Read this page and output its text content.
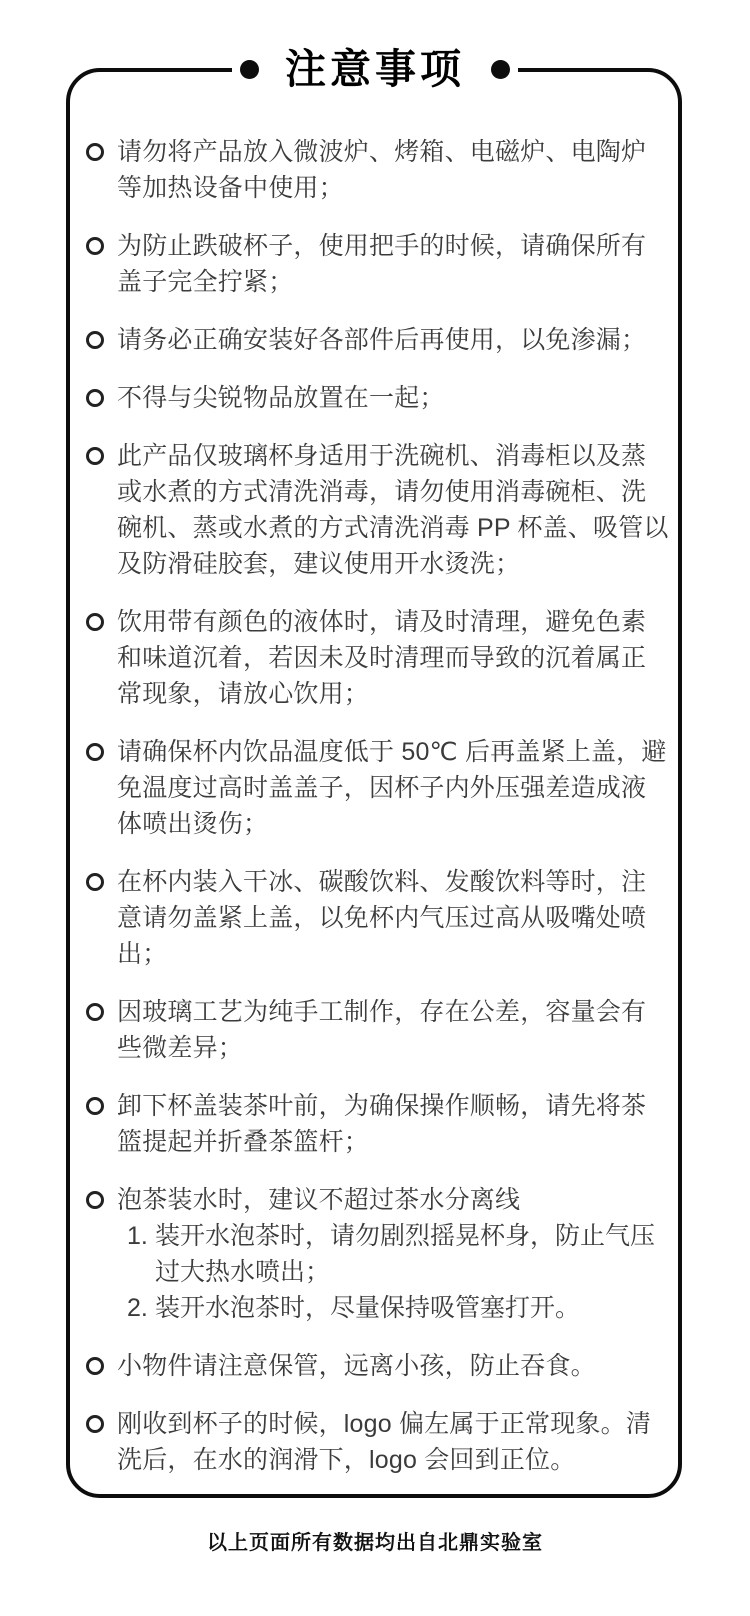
注意事项
请勿将产品放入微波炉、烤箱、电磁炉、电陶炉等加热设备中使用；
为防止跌破杯子，使用把手的时候，请确保所有盖子完全拧紧；
请务必正确安装好各部件后再使用，以免渗漏；
不得与尖锐物品放置在一起；
此产品仅玻璃杯身适用于洗碗机、消毒柜以及蒸或水煮的方式清洗消毒，请勿使用消毒碗柜、洗碗机、蒸或水煮的方式清洗消毒 PP 杯盖、吸管以及防滑硅胶套，建议使用开水烫洗；
饮用带有颜色的液体时，请及时清理，避免色素和味道沉着，若因未及时清理而导致的沉着属正常现象，请放心饮用；
请确保杯内饮品温度低于 50℃ 后再盖紧上盖，避免温度过高时盖盖子，因杯子内外压强差造成液体喷出烫伤；
在杯内装入干冰、碳酸饮料、发酸饮料等时，注意请勿盖紧上盖，以免杯内气压过高从吸嘴处喷出；
因玻璃工艺为纯手工制作，存在公差，容量会有些微差异；
卸下杯盖装茶叶前，为确保操作顺畅，请先将茶篮提起并折叠茶篮杆；
泡茶装水时，建议不超过茶水分离线
1. 装开水泡茶时，请勿剧烈摇晃杯身，防止气压过大热水喷出；
2. 装开水泡茶时，尽量保持吸管塞打开。
小物件请注意保管，远离小孩，防止吞食。
刚收到杯子的时候，logo 偏左属于正常现象。清洗后，在水的润滑下，logo 会回到正位。
以上页面所有数据均出自北鼎实验室
